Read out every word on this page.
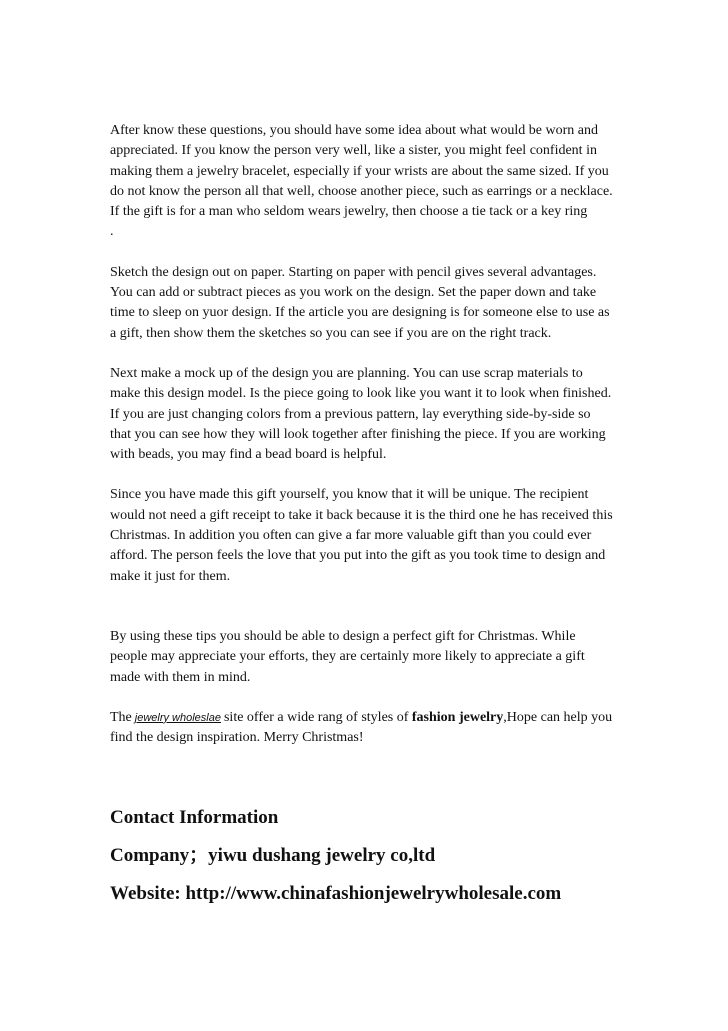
After know these questions, you should have some idea about what would be worn and appreciated. If you know the person very well, like a sister, you might feel confident in making them a jewelry bracelet, especially if your wrists are about the same sized. If you do not know the person all that well, choose another piece, such as earrings or a necklace. If the gift is for a man who seldom wears jewelry, then choose a tie tack or a key ring

.

Sketch the design out on paper. Starting on paper with pencil gives several advantages. You can add or subtract pieces as you work on the design. Set the paper down and take time to sleep on yuor design. If the article you are designing is for someone else to use as a gift, then show them the sketches so you can see if you are on the right track.

Next make a mock up of the design you are planning. You can use scrap materials to make this design model. Is the piece going to look like you want it to look when finished. If you are just changing colors from a previous pattern, lay everything side-by-side so that you can see how they will look together after finishing the piece. If you are working with beads, you may find a bead board is helpful.

Since you have made this gift yourself, you know that it will be unique. The recipient would not need a gift receipt to take it back because it is the third one he has received this Christmas. In addition you often can give a far more valuable gift than you could ever afford. The person feels the love that you put into the gift as you took time to design and make it just for them.

By using these tips you should be able to design a perfect gift for Christmas. While people may appreciate your efforts, they are certainly more likely to appreciate a gift made with them in mind.

The jewelry wholeslae site offer a wide rang of styles of fashion jewelry,Hope can help you find the design inspiration. Merry Christmas!

Contact Information

Company；yiwu dushang jewelry co,ltd

Website: http://www.chinafashionjewelrywholesale.com
